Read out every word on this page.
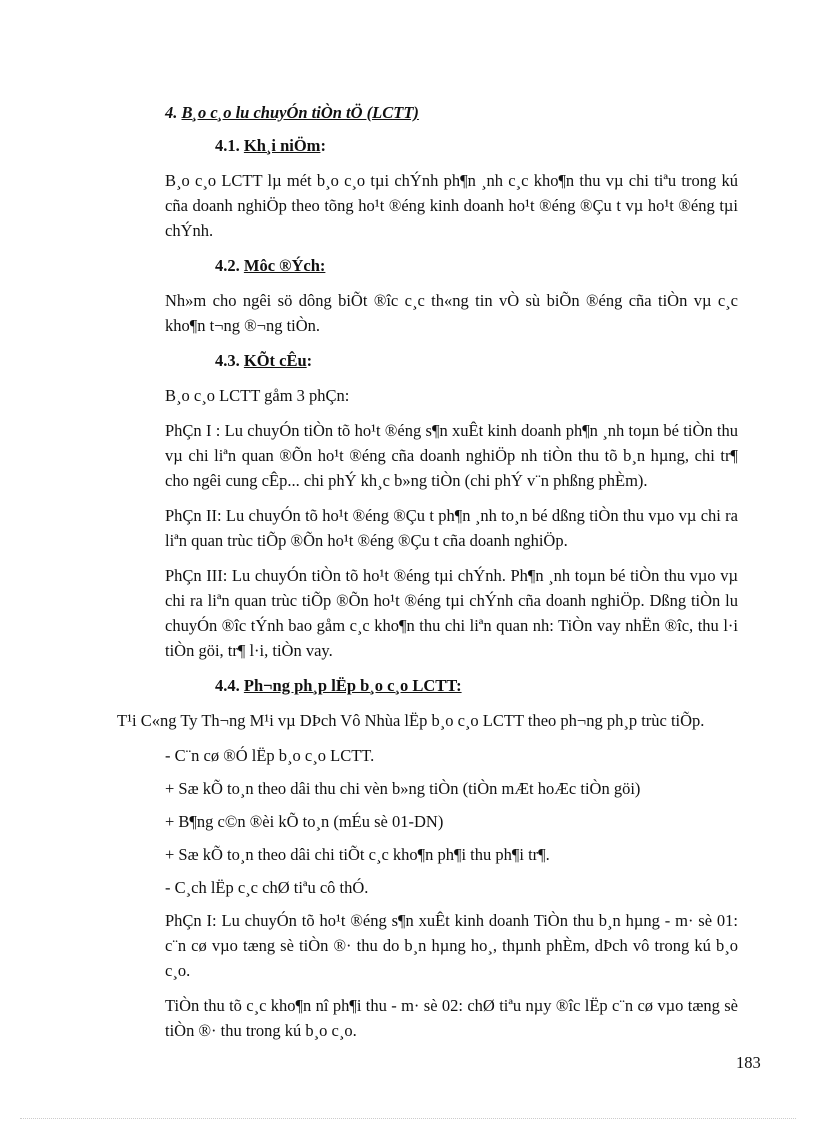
4. B¸o c¸o lu chuyÓn tiÒn tÖ (LCTT)

4.1. Kh¸i niÖm:

B¸o c¸o LCTT lµ mét b¸o c¸o tµi chÝnh ph¶n ¸nh c¸c kho¶n thu vµ chi tiªu trong kú cña doanh nghiÖp theo tõng ho¹t ®éng kinh doanh ho¹t ®éng ®Çu t vµ ho¹t ®éng tµi chÝnh.

4.2. Môc ®Ých:

Nh»m cho ngêi sö dông biÕt ®îc c¸c th«ng tin vÒ sù biÕn ®éng cña tiÒn vµ c¸c kho¶n t¬ng ®¬ng tiÒn.

4.3. KÕt cÊu:

B¸o c¸o LCTT gåm 3 phÇn:

PhÇn I : Lu chuyÓn tiÒn tõ ho¹t ®éng s¶n xuÊt kinh doanh ph¶n ¸nh toµn bé tiÒn thu vµ chi liªn quan ®Õn ho¹t ®éng cña doanh nghiÖp nh tiÒn thu tõ b¸n hµng, chi tr¶ cho ngêi cung cÊp... chi phÝ kh¸c b»ng tiÒn (chi phÝ v¨n phßng phÈm).

PhÇn II: Lu chuyÓn tõ ho¹t ®éng ®Çu t ph¶n ¸nh to¸n bé dßng tiÒn thu vµo vµ chi ra liªn quan trùc tiÕp ®Õn ho¹t ®éng ®Çu t cña doanh nghiÖp.

PhÇn III: Lu chuyÓn tiÒn tõ ho¹t ®éng tµi chÝnh. Ph¶n ¸nh toµn bé tiÒn thu vµo vµ chi ra liªn quan trùc tiÕp ®Õn ho¹t ®éng tµi chÝnh cña doanh nghiÖp. Dßng tiÒn lu chuyÓn ®îc tÝnh bao gåm c¸c kho¶n thu chi liªn quan nh: TiÒn vay nhËn ®îc, thu l·i tiÒn göi, tr¶ l·i, tiÒn vay.

4.4. Ph¬ng ph¸p lËp b¸o c¸o LCTT:

T¹i C«ng Ty Th¬ng M¹i vµ DÞch Vô Nhùa lËp b¸o c¸o LCTT theo ph¬ng ph¸p trùc tiÕp.

- C¨n cø ®Ó lËp b¸o c¸o LCTT.

+ Sæ kÕ to¸n theo dâi thu chi vèn b»ng tiÒn (tiÒn mÆt hoÆc tiÒn göi)

+ B¶ng c©n ®èi kÕ to¸n (mÉu sè 01-DN)

+ Sæ kÕ to¸n theo dâi chi tiÕt c¸c kho¶n ph¶i thu ph¶i tr¶.

- C¸ch lËp c¸c chØ tiªu cô thÓ.

PhÇn I: Lu chuyÓn tõ ho¹t ®éng s¶n xuÊt kinh doanh TiÒn thu b¸n hµng - m· sè 01: c¨n cø vµo tæng sè tiÒn ®· thu do b¸n hµng ho¸, thµnh phÈm, dÞch vô trong kú b¸o c¸o.

TiÒn thu tõ c¸c kho¶n nî ph¶i thu - m· sè 02: chØ tiªu nµy ®îc lËp c¨n cø vµo tæng sè tiÒn ®· thu trong kú b¸o c¸o.

183
